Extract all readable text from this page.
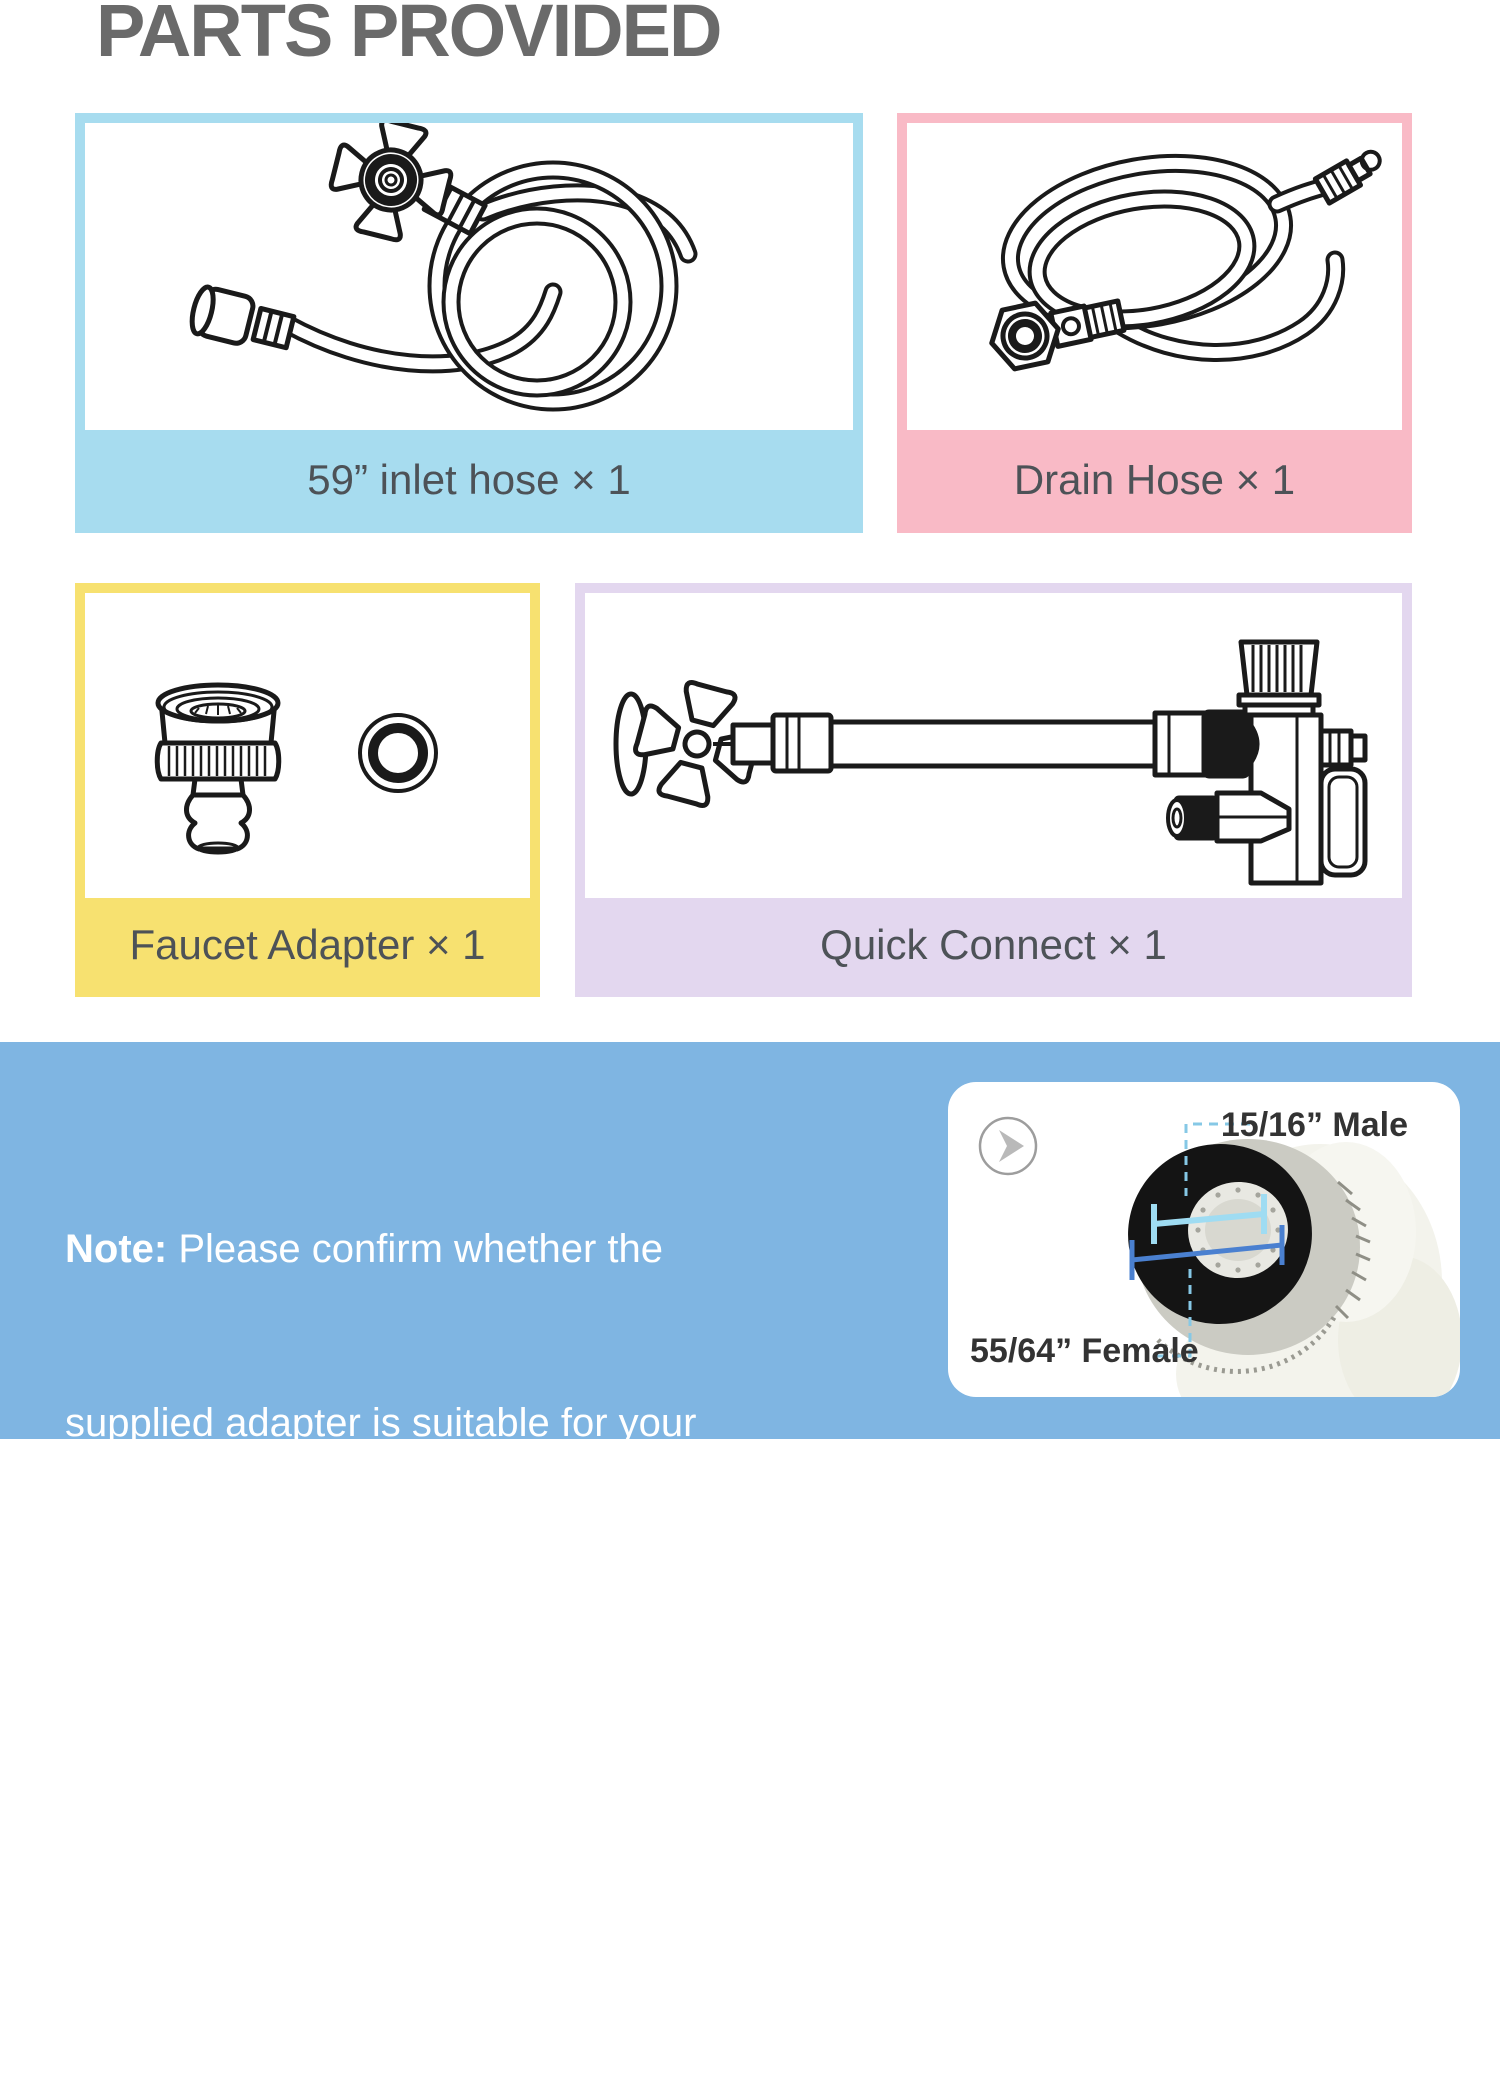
PARTS PROVIDED
59” inlet hose × 1	Drain Hose × 1
Faucet Adapter × 1	Quick Connect × 1

Note: Please confirm whether the

supplied adapter is suitable for your

faucet tap.  If not, please contact your

local plumbing supply center where

adapter is available for purchase.

15/16” Male
55/64” Female
